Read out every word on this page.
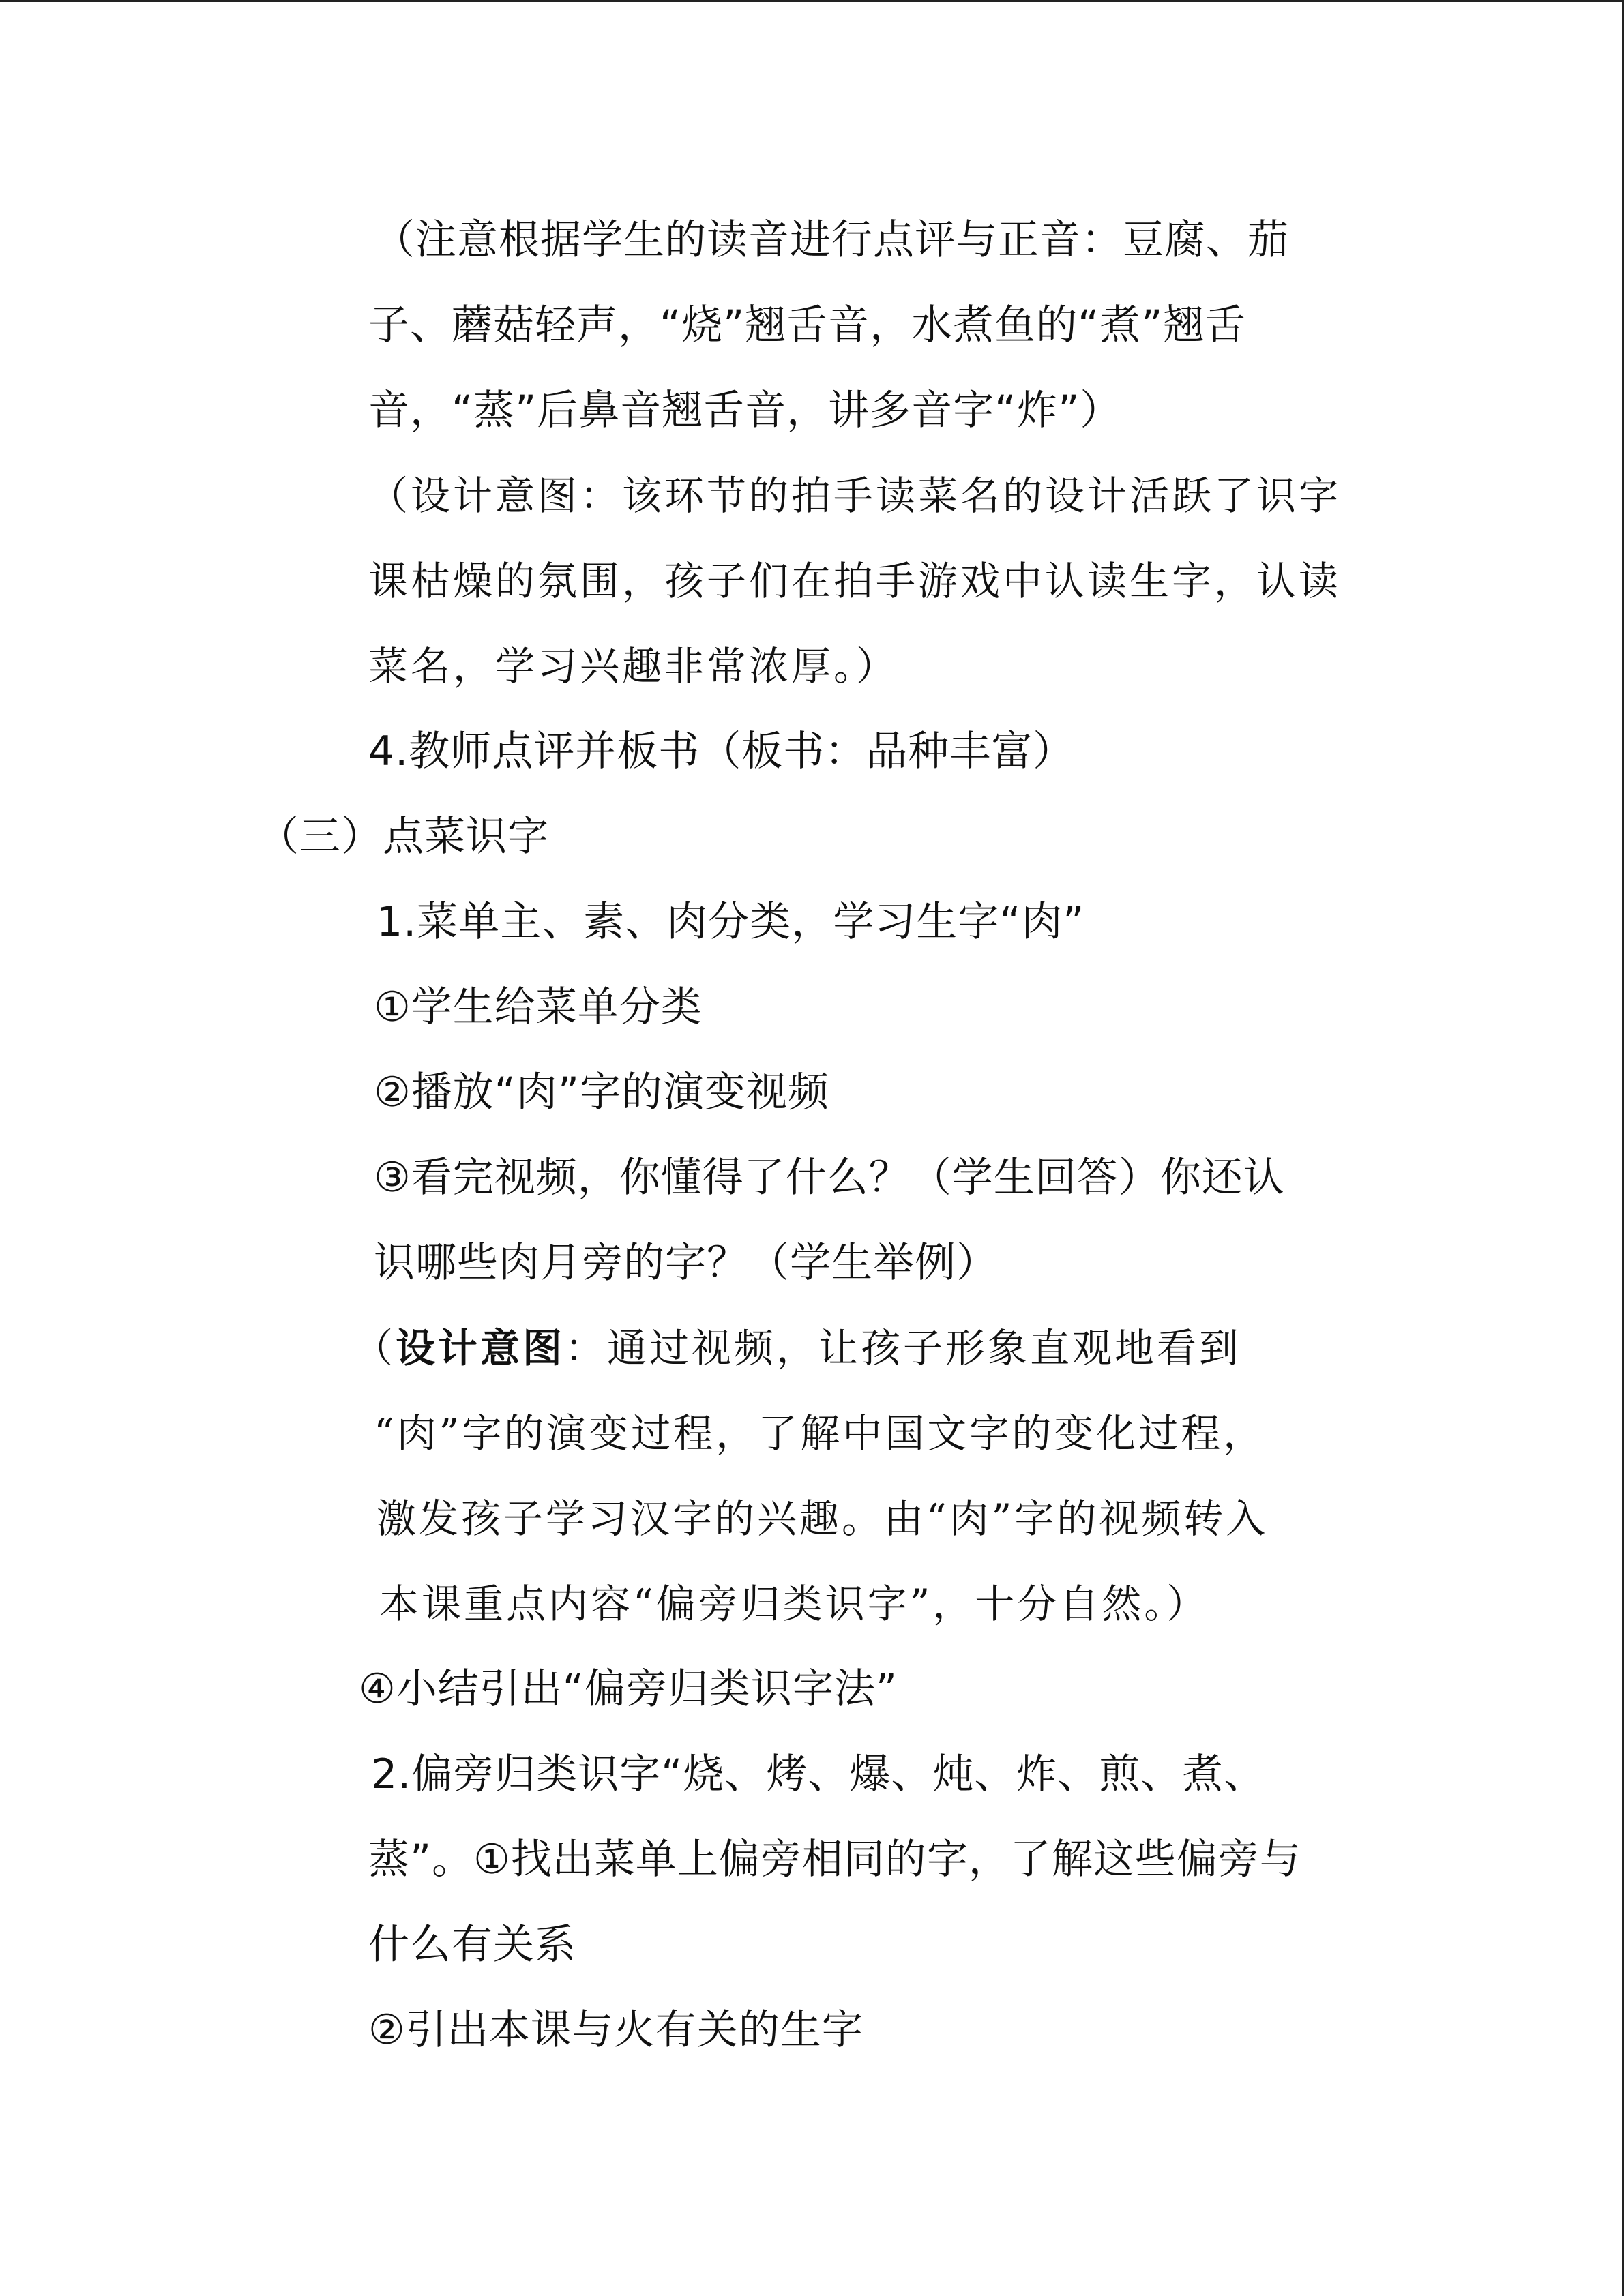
（注意根据学生的读音进行点评与正音：豆腐、茄
子、蘑菇轻声，“烧”翘舌音，水煮鱼的“煮”翘舌
音，“蒸”后鼻音翘舌音，讲多音字“炸”）
（设计意图：该环节的拍手读菜名的设计活跃了识字
课枯燥的氛围，孩子们在拍手游戏中认读生字，认读
菜名，学习兴趣非常浓厚。）
4.教师点评并板书（板书：品种丰富）
（三）点菜识字
1.菜单主、素、肉分类，学习生字“肉”
①学生给菜单分类
②播放“肉”字的演变视频
③看完视频，你懂得了什么？（学生回答）你还认
识哪些肉月旁的字？（学生举例）
（设计意图：通过视频，让孩子形象直观地看到
“肉”字的演变过程，了解中国文字的变化过程，
激发孩子学习汉字的兴趣。由“肉”字的视频转入
本课重点内容“偏旁归类识字”，十分自然。）
④小结引出“偏旁归类识字法”
2.偏旁归类识字“烧、烤、爆、炖、炸、煎、煮、
蒸”。①找出菜单上偏旁相同的字，了解这些偏旁与
什么有关系
②引出本课与火有关的生字
